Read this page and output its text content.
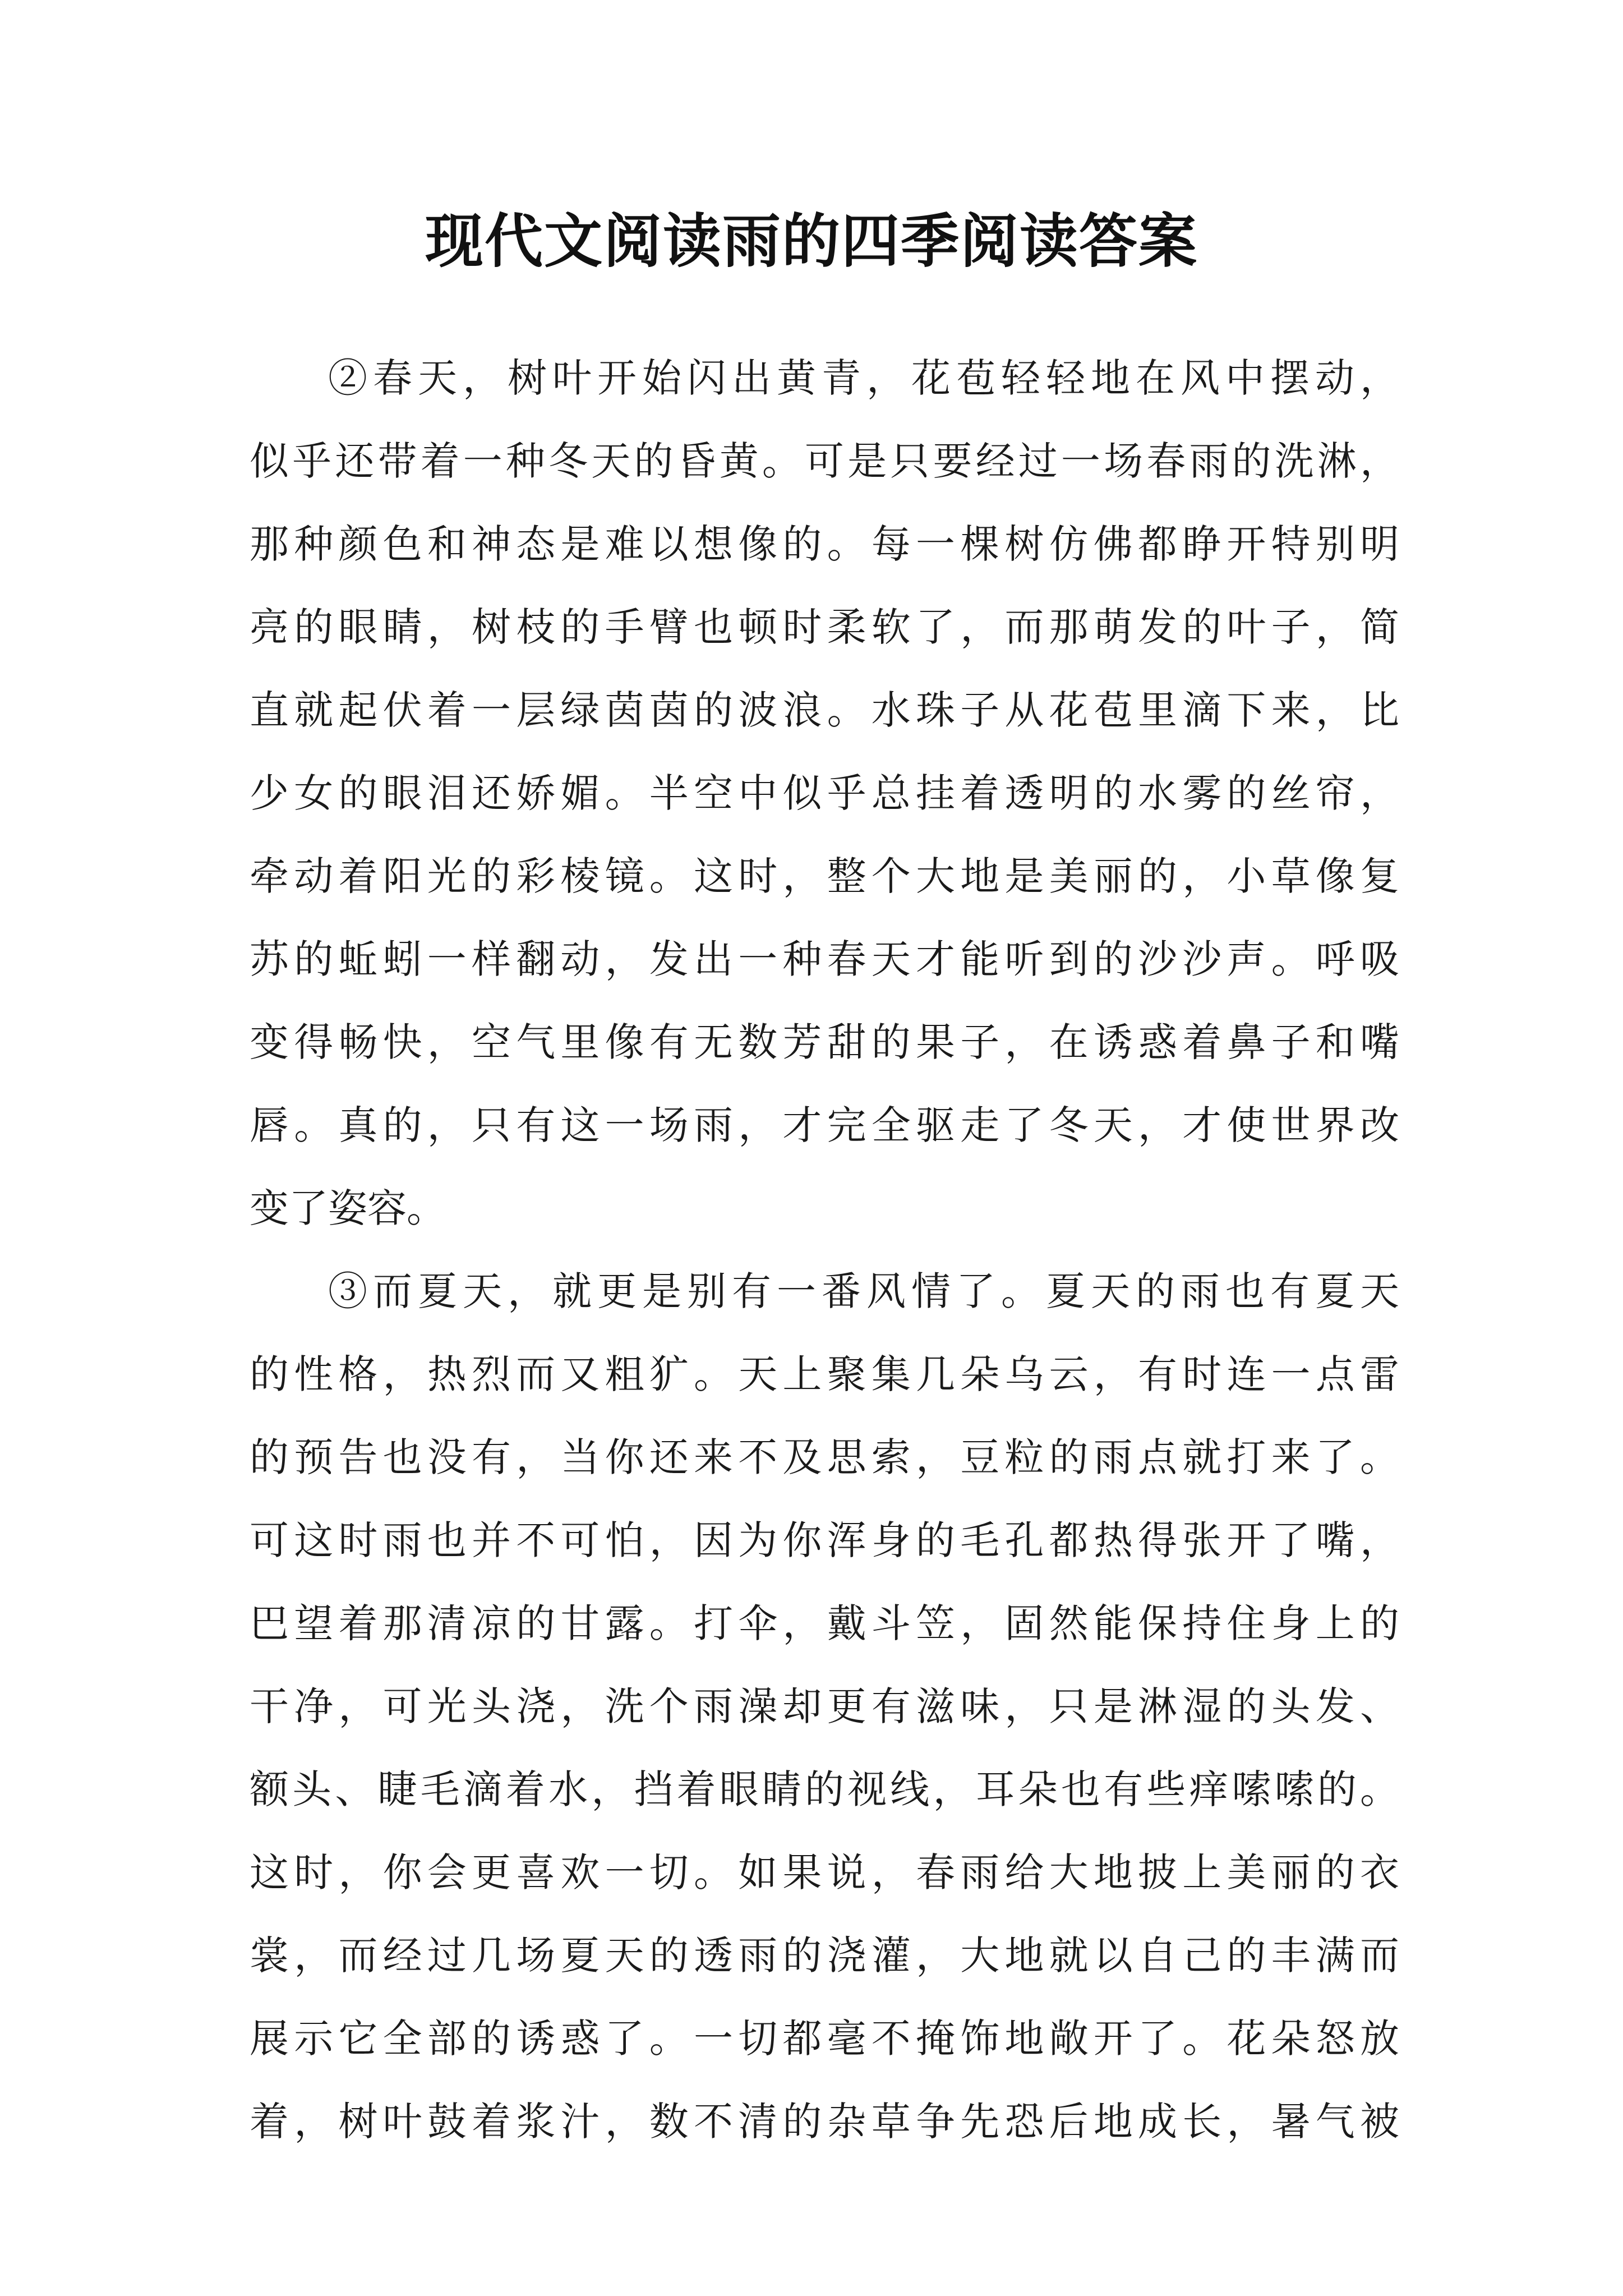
现代文阅读雨的四季阅读答案
②春天，树叶开始闪出黄青，花苞轻轻地在风中摆动，
似乎还带着一种冬天的昏黄。可是只要经过一场春雨的洗淋，
那种颜色和神态是难以想像的。每一棵树仿佛都睁开特别明
亮的眼睛，树枝的手臂也顿时柔软了，而那萌发的叶子，简
直就起伏着一层绿茵茵的波浪。水珠子从花苞里滴下来，比
少女的眼泪还娇媚。半空中似乎总挂着透明的水雾的丝帘，
牵动着阳光的彩棱镜。这时，整个大地是美丽的，小草像复
苏的蚯蚓一样翻动，发出一种春天才能听到的沙沙声。呼吸
变得畅快，空气里像有无数芳甜的果子，在诱惑着鼻子和嘴
唇。真的，只有这一场雨，才完全驱走了冬天，才使世界改
变了姿容。
③而夏天，就更是别有一番风情了。夏天的雨也有夏天
的性格，热烈而又粗犷。天上聚集几朵乌云，有时连一点雷
的预告也没有，当你还来不及思索，豆粒的雨点就打来了。
可这时雨也并不可怕，因为你浑身的毛孔都热得张开了嘴，
巴望着那清凉的甘露。打伞，戴斗笠，固然能保持住身上的
干净，可光头浇，洗个雨澡却更有滋味，只是淋湿的头发、
额头、睫毛滴着水，挡着眼睛的视线，耳朵也有些痒嗦嗦的。
这时，你会更喜欢一切。如果说，春雨给大地披上美丽的衣
裳，而经过几场夏天的透雨的浇灌，大地就以自己的丰满而
展示它全部的诱惑了。一切都毫不掩饰地敞开了。花朵怒放
着，树叶鼓着浆汁，数不清的杂草争先恐后地成长，暑气被
